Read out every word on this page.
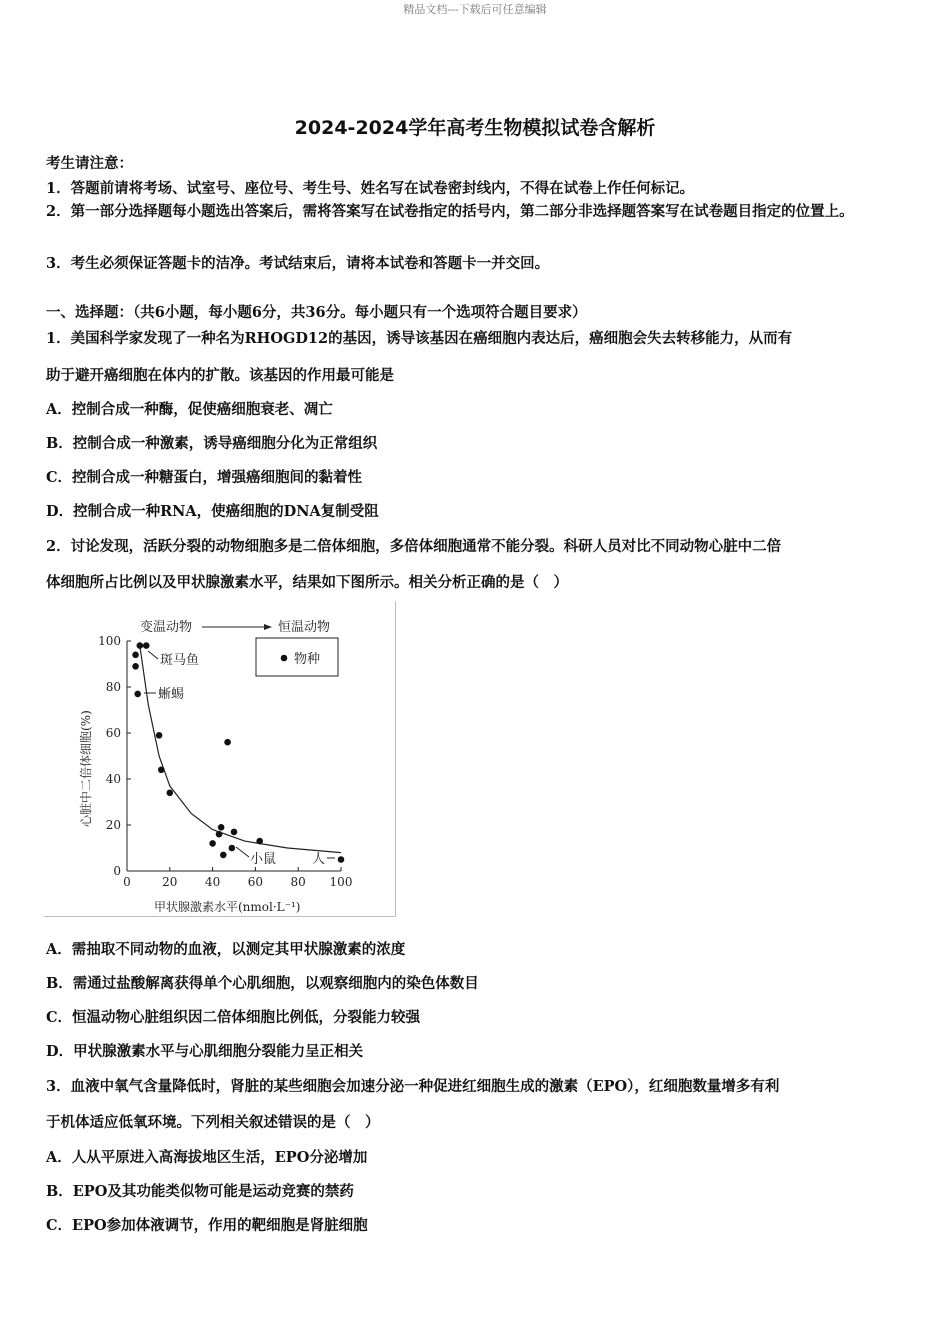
精品文档---下载后可任意编辑
2024-2024学年高考生物模拟试卷含解析
考生请注意：
1．答题前请将考场、试室号、座位号、考生号、姓名写在试卷密封线内，不得在试卷上作任何标记。
2．第一部分选择题每小题选出答案后，需将答案写在试卷指定的括号内，第二部分非选择题答案写在试卷题目指定的位置上。
3．考生必须保证答题卡的洁净。考试结束后，请将本试卷和答题卡一并交回。
一、选择题：（共6小题，每小题6分，共36分。每小题只有一个选项符合题目要求）
1．美国科学家发现了一种名为RHOGD12的基因，诱导该基因在癌细胞内表达后，癌细胞会失去转移能力，从而有
助于避开癌细胞在体内的扩散。该基因的作用最可能是
A．控制合成一种酶，促使癌细胞衰老、凋亡
B．控制合成一种激素，诱导癌细胞分化为正常组织
C．控制合成一种糖蛋白，增强癌细胞间的黏着性
D．控制合成一种RNA，使癌细胞的DNA复制受阻
2．讨论发现，活跃分裂的动物细胞多是二倍体细胞，多倍体细胞通常不能分裂。科研人员对比不同动物心脏中二倍
体细胞所占比例以及甲状腺激素水平，结果如下图所示。相关分析正确的是（　）
0	20 40 60 80 100
0
20
40
60
80
100
变温动物	恒温动物
物种
斑马鱼
蜥蜴
小鼠	人
甲状腺激素水平(nmol·L⁻¹)
心脏中二倍体细胞(%)
A．需抽取不同动物的血液，以测定其甲状腺激素的浓度
B．需通过盐酸解离获得单个心肌细胞，以观察细胞内的染色体数目
C．恒温动物心脏组织因二倍体细胞比例低，分裂能力较强
D．甲状腺激素水平与心肌细胞分裂能力呈正相关
3．血液中氧气含量降低时，肾脏的某些细胞会加速分泌一种促进红细胞生成的激素（EPO），红细胞数量增多有利
于机体适应低氧环境。下列相关叙述错误的是（　）
A．人从平原进入高海拔地区生活，EPO分泌增加
B．EPO及其功能类似物可能是运动竞赛的禁药
C．EPO参加体液调节，作用的靶细胞是肾脏细胞
